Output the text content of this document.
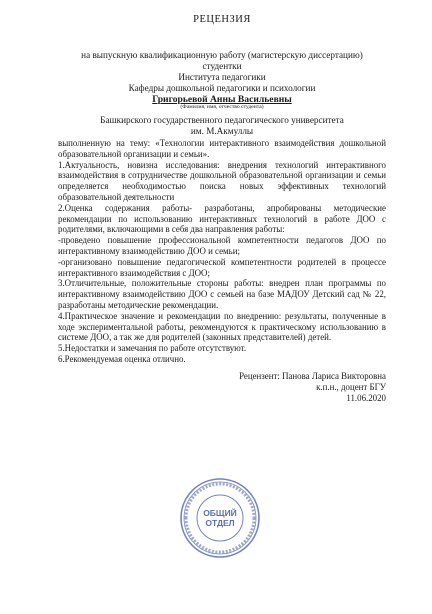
РЕЦЕНЗИЯ
на выпускную квалификационную работу (магистерскую диссертацию)
студентки
Института педагогики
Кафедры дошкольной педагогики и психологии
Григорьевой Анны Васильевны
(Фамилия, имя, отчество студента)
Башкирского государственного педагогического университета
им. М.Акмуллы

выполненную на тему: «Технологии интерактивного взаимодействия дошкольной образовательной организации и семьи».

1.Актуальность, новизна исследования: внедрения технологий интерактивного взаимодействия в сотрудничестве дошкольной образовательной организации и семьи определяется необходимостью поиска новых эффективных технологий образовательной деятельности

2.Оценка содержания работы- разработаны, апробированы методические рекомендации по использованию интерактивных технологий в работе ДОО с родителями, включающими в себя два направления работы:

-проведено повышение профессиональной компетентности педагогов ДОО по интерактивному взаимодействию ДОО и семьи;

-организовано повышение педагогической компетентности родителей в процессе интерактивного взаимодействия с ДОО;

3.Отличительные, положительные стороны работы: внедрен план программы по интерактивному взаимодействию ДОО с семьей на базе МАДОУ Детский сад № 22, разработаны методические рекомендации.

4.Практическое значение и рекомендации по внедрению: результаты, полученные в ходе экспериментальной работы, рекомендуются к практическому использованию в системе ДОО, а так же для родителей (законных представителей) детей.

5.Недостатки и замечания по работе отсутствуют.

6.Рекомендуемая оценка отлично.

Рецензент: Панова Лариса Викторовна
к.п.н., доцент БГУ
11.06.2020
ОБЩИЙ
ОТДЕЛ
